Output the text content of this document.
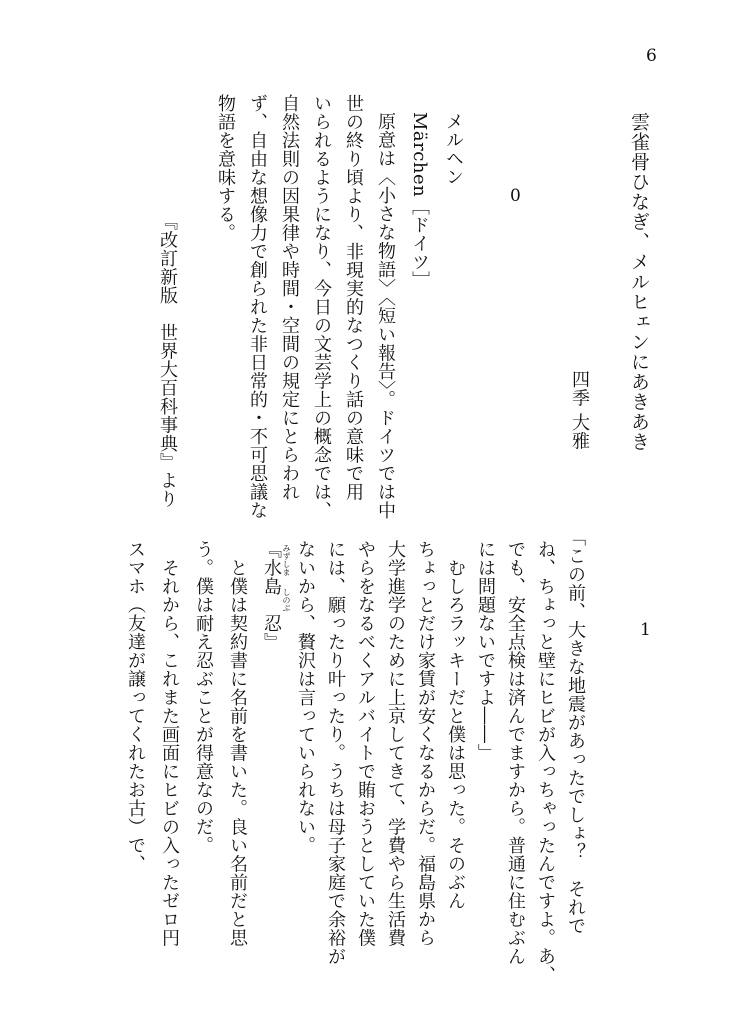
6
雲雀骨ひなぎ、メルヒェンにあきあき
四季 大雅
0
メルヘン
Märchen［ドイツ］
原意は〈小さな物語〉〈短い報告〉。ドイツでは中
世の終り頃より、非現実的なつくり話の意味で用
いられるようになり、今日の文芸学上の概念では、
自然法則の因果律や時間・空間の規定にとらわれ
ず、自由な想像力で創られた非日常的・不可思議な
物語を意味する。
『改訂新版　世界大百科事典』より
1
「この前、大きな地震があったでしょ？　それで
ね、ちょっと壁にヒビが入っちゃったんですよ。あ、
でも、安全点検は済んでますから。普通に住むぶん
には問題ないですよ――」
　むしろラッキーだと僕は思った。そのぶん
ちょっとだけ家賃が安くなるからだ。福島県から
大学進学のために上京してきて、学費やら生活費
やらをなるべくアルバイトで賄おうとしていた僕
には、願ったり叶ったり。うちは母子家庭で余裕が
ないから、贅沢は言っていられない。
『水島　忍』 みずしま
しのぶ
　と僕は契約書に名前を書いた。良い名前だと思
う。僕は耐え忍ぶことが得意なのだ。
　それから、これまた画面にヒビの入ったゼロ円
スマホ（友達が譲ってくれたお古）で、
